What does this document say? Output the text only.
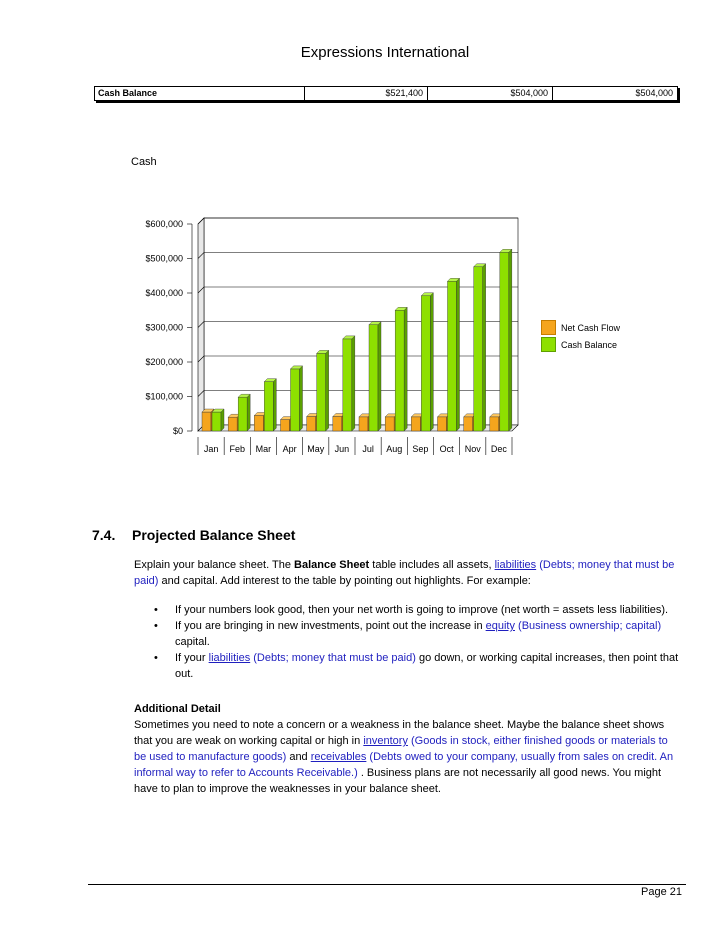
Expressions International
Cash Balance	$521,400	$504,000	$504,000
Cash
$0
$100,000
$200,000
$300,000
$400,000
$500,000
$600,000
Jan Feb Mar Apr May Jun Jul Aug Sep Oct Nov Dec
Net Cash Flow
Cash Balance
7.4. Projected Balance Sheet
Explain your balance sheet. The Balance Sheet table includes all assets, liabilities (Debts; money that must be paid) and capital. Add interest to the table by pointing out highlights. For example:
• If your numbers look good, then your net worth is going to improve (net worth = assets less liabilities).
• If you are bringing in new investments, point out the increase in equity (Business ownership; capital) capital.
• If your liabilities (Debts; money that must be paid) go down, or working capital increases, then point that out.
Additional Detail
Sometimes you need to note a concern or a weakness in the balance sheet. Maybe the balance sheet shows that you are weak on working capital or high in inventory (Goods in stock, either finished goods or materials to be used to manufacture goods) and receivables (Debts owed to your company, usually from sales on credit. An informal way to refer to Accounts Receivable.) . Business plans are not necessarily all good news. You might have to plan to improve the weaknesses in your balance sheet.
Page 21
